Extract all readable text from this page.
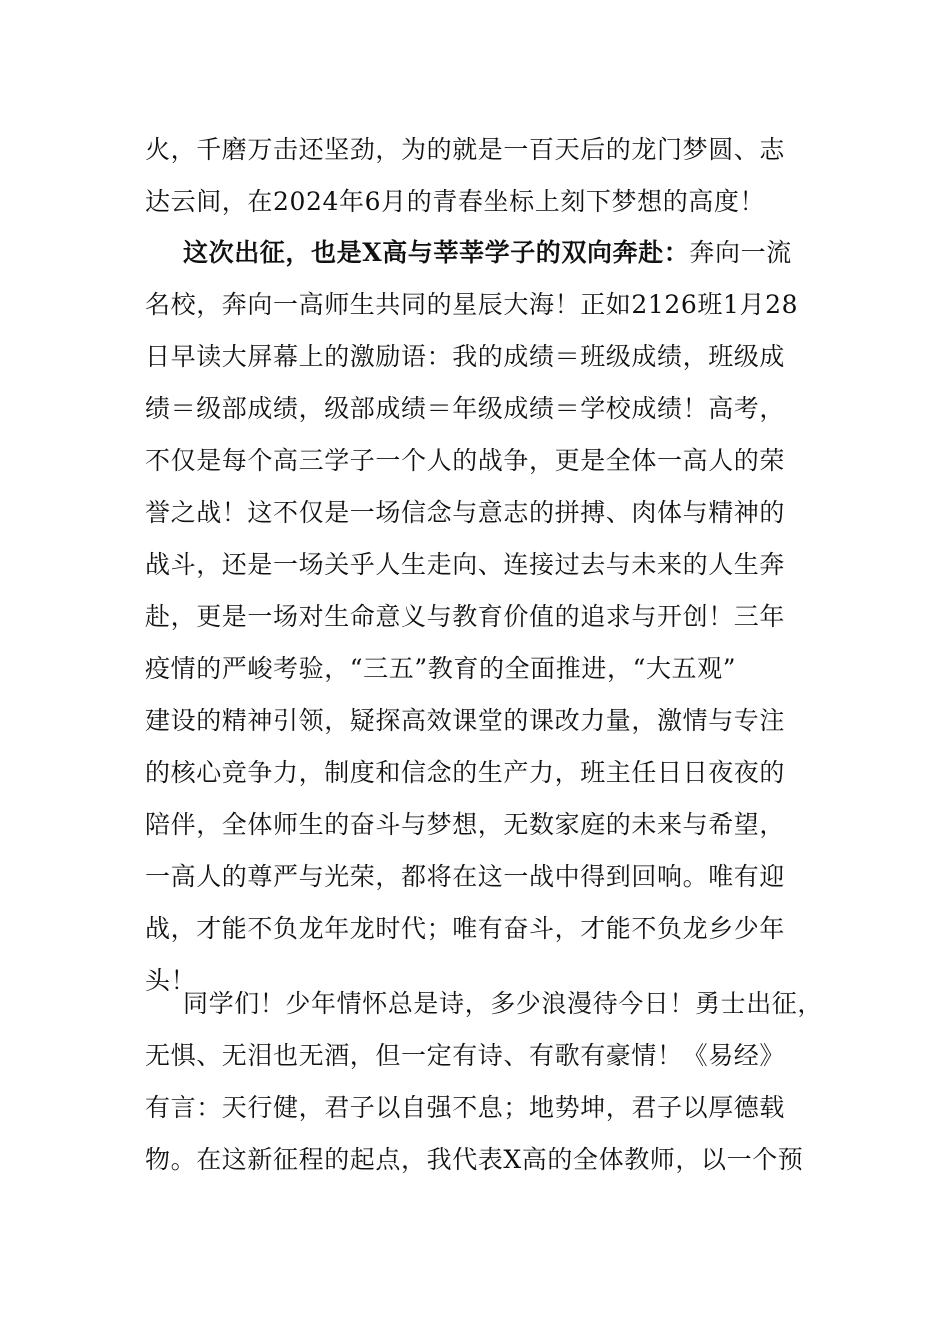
火，千磨万击还坚劲，为的就是一百天后的龙门梦圆、志
达云间，在2024年6月的青春坐标上刻下梦想的高度！
这次出征，也是X高与莘莘学子的双向奔赴：奔向一流
名校，奔向一高师生共同的星辰大海！正如2126班1月28
日早读大屏幕上的激励语：我的成绩＝班级成绩，班级成
绩＝级部成绩，级部成绩＝年级成绩＝学校成绩！高考，
不仅是每个高三学子一个人的战争，更是全体一高人的荣
誉之战！这不仅是一场信念与意志的拼搏、肉体与精神的
战斗，还是一场关乎人生走向、连接过去与未来的人生奔
赴，更是一场对生命意义与教育价值的追求与开创！三年
疫情的严峻考验，“三五”教育的全面推进，“大五观”
建设的精神引领，疑探高效课堂的课改力量，激情与专注
的核心竞争力，制度和信念的生产力，班主任日日夜夜的
陪伴，全体师生的奋斗与梦想，无数家庭的未来与希望，
一高人的尊严与光荣，都将在这一战中得到回响。唯有迎
战，才能不负龙年龙时代；唯有奋斗，才能不负龙乡少年
头！
同学们！少年情怀总是诗，多少浪漫待今日！勇士出征，
无惧、无泪也无酒，但一定有诗、有歌有豪情！《易经》
有言：天行健，君子以自强不息；地势坤，君子以厚德载
物。在这新征程的起点，我代表X高的全体教师，以一个预
